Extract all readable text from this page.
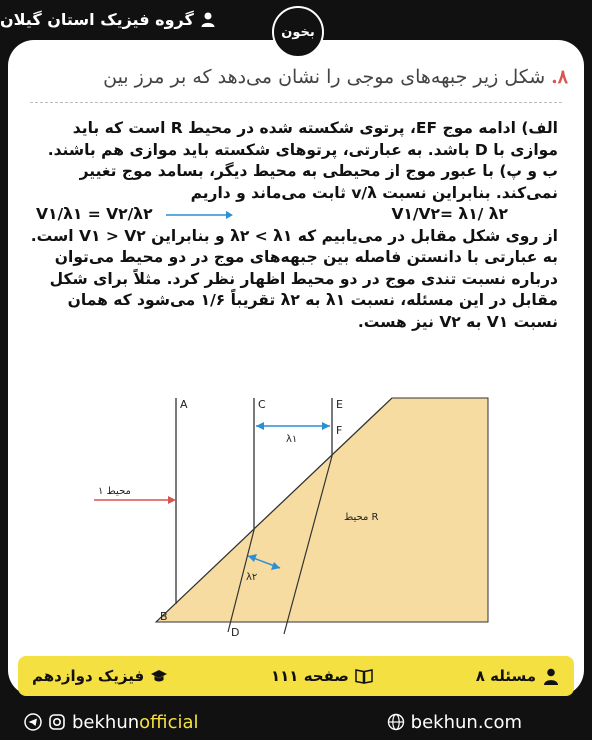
گروه فیزیک استان گیلان
بخون
۸.شکل زیر جبهه‌های موجی را نشان می‌دهد که بر مرز بین
الف) ادامه موج EF، پرتوی شکسته شده در محیط R است که باید
موازی با D باشد. به عبارتی، پرتوهای شکسته باید موازی هم باشند.
ب و پ) با عبور موج از محیطی به محیط دیگر، بسامد موج تغییر
نمی‌کند. بنابراین نسبت v/λ ثابت می‌ماند و داریم
V۱/λ۱ = V۲/λ۲	V۱/V۲= λ۱/ λ۲
از روی شکل مقابل در می‌یابیم که λ۲ < λ۱ و بنابراین V۱ > V۲ است.
به عبارتی با دانستن فاصله بین جبهه‌های موج در دو محیط می‌توان
درباره نسبت تندی موج در دو محیط اظهار نظر کرد. مثلاً برای شکل
مقابل در این مسئله، نسبت λ۱ به λ۲ تقریباً ۱/۶ می‌شود که همان
نسبت V۱ به V۲ نیز هست.
A	C	E
F
B
D
λ۱
λ۲
محیط ۱
محیط R
مسئله ۸
صفحه ۱۱۱
فیزیک دوازدهم
bekhunofficial	bekhun.com
